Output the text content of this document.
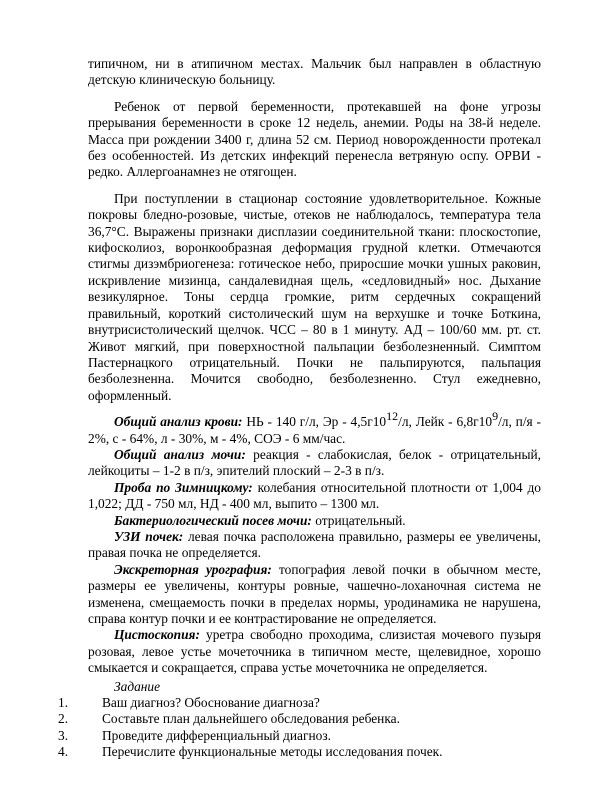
типичном, ни в атипичном местах. Мальчик был направлен в областную детскую клиническую больницу.

Ребенок от первой беременности, протекавшей на фоне угрозы прерывания беременности в сроке 12 недель, анемии. Роды на 38-й неделе. Масса при рождении 3400 г, длина 52 см. Период новорожденности протекал без особенностей. Из детских инфекций перенесла ветряную оспу. ОРВИ - редко. Аллергоанамнез не отягощен.

При поступлении в стационар состояние удовлетворительное. Кожные покровы бледно-розовые, чистые, отеков не наблюдалось, температура тела 36,7°С. Выражены признаки дисплазии соединительной ткани: плоскостопие, кифосколиоз, воронкообразная деформация грудной клетки. Отмечаются стигмы дизэмбриогенеза: готическое небо, приросшие мочки ушных раковин, искривление мизинца, сандалевидная щель, «седловидный» нос. Дыхание везикулярное. Тоны сердца громкие, ритм сердечных сокращений правильный, короткий систолический шум на верхушке и точке Боткина, внутрисистолический щелчок. ЧСС – 80 в 1 минуту. АД – 100/60 мм. рт. ст. Живот мягкий, при поверхностной пальпации безболезненный. Симптом Пастернацкого отрицательный. Почки не пальпируются, пальпация безболезненна. Мочится свободно, безболезненно. Стул ежедневно, оформленный.

Общий анализ крови: НЬ - 140 г/л, Эр - $4,5г10^{12}/л$, Лейк - $6,8г10^9/л$, п/я - 2%, с - 64%, л - 30%, м - 4%, СОЭ - 6 мм/час.

Общий анализ мочи: реакция - слабокислая, белок - отрицательный, лейкоциты – 1-2 в п/з, эпителий плоский – 2-3 в п/з.

Проба по Зимницкому: колебания относительной плотности от 1,004 до 1,022; ДД - 750 мл, НД - 400 мл, выпито – 1300 мл.

Бактериологический посев мочи: отрицательный.

УЗИ почек: левая почка расположена правильно, размеры ее увеличены, правая почка не определяется.

Экскреторная урография: топография левой почки в обычном месте, размеры ее увеличены, контуры ровные, чашечно-лоханочная система не изменена, смещаемость почки в пределах нормы, уродинамика не нарушена, справа контур почки и ее контрастирование не определяется.

Цистоскопия: уретра свободно проходима, слизистая мочевого пузыря розовая, левое устье мочеточника в типичном месте, щелевидное, хорошо смыкается и сокращается, справа устье мочеточника не определяется.

Задание
1.	Ваш диагноз? Обоснование диагноза?
2.	Составьте план дальнейшего обследования ребенка.
3.	Проведите дифференциальный диагноз.
4.	Перечислите функциональные методы исследования почек.
